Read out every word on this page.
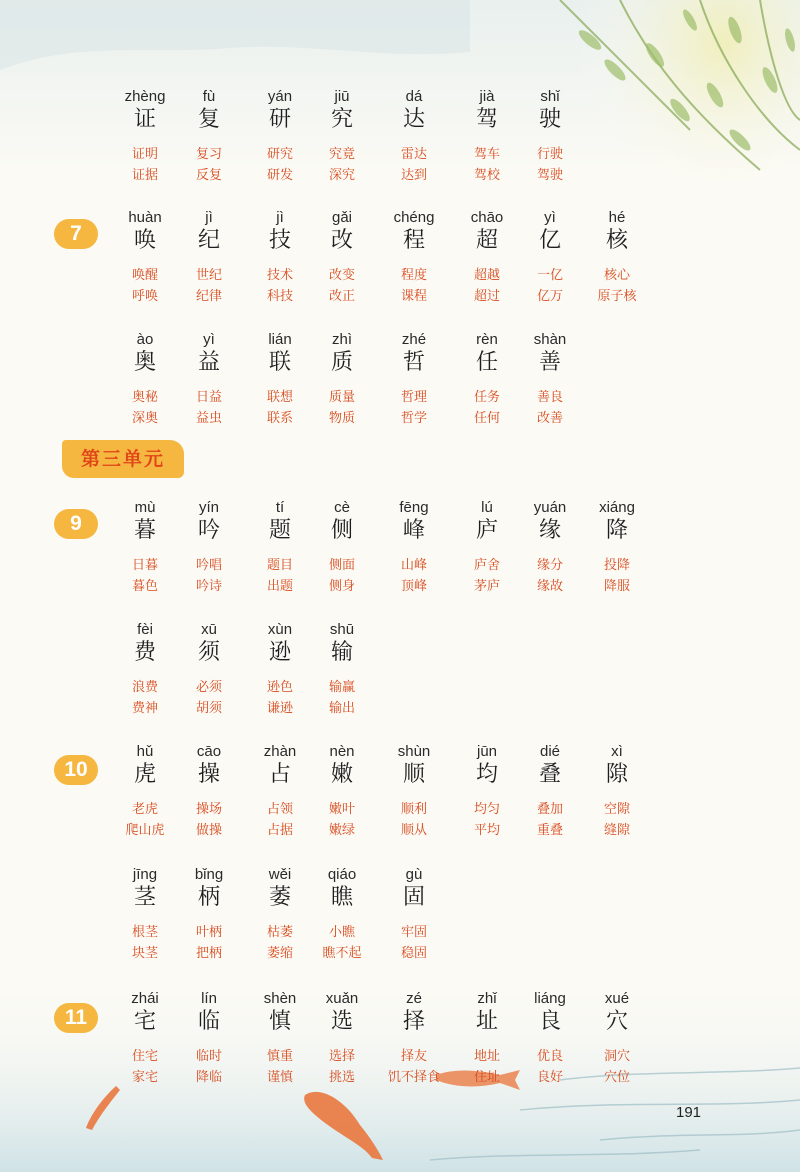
第三单元
zhèng
证
证明
证据
fù
复
复习
反复
yán
研
研究
研发
jiū
究
究竟
深究
dá
达
雷达
达到
jià
驾
驾车
驾校
shǐ
驶
行驶
驾驶
7
huàn
唤
唤醒
呼唤
jì
纪
世纪
纪律
jì
技
技术
科技
gǎi
改
改变
改正
chéng
程
程度
课程
chāo
超
超越
超过
yì
亿
一亿
亿万
hé
核
核心
原子核
ào
奥
奥秘
深奥
yì
益
日益
益虫
lián
联
联想
联系
zhì
质
质量
物质
zhé
哲
哲理
哲学
rèn
任
任务
任何
shàn
善
善良
改善
9
mù
暮
日暮
暮色
yín
吟
吟唱
吟诗
tí
题
题目
出题
cè
侧
侧面
侧身
fēng
峰
山峰
顶峰
lú
庐
庐舍
茅庐
yuán
缘
缘分
缘故
xiáng
降
投降
降服
fèi
费
浪费
费神
xū
须
必须
胡须
xùn
逊
逊色
谦逊
shū
输
输赢
输出
10
hǔ
虎
老虎
爬山虎
cāo
操
操场
做操
zhàn
占
占领
占据
nèn
嫩
嫩叶
嫩绿
shùn
顺
顺利
顺从
jūn
均
均匀
平均
dié
叠
叠加
重叠
xì
隙
空隙
缝隙
jīng
茎
根茎
块茎
bǐng
柄
叶柄
把柄
wěi
萎
枯萎
萎缩
qiáo
瞧
小瞧
瞧不起
gù
固
牢固
稳固
11
zhái
宅
住宅
家宅
lín
临
临时
降临
shèn
慎
慎重
谨慎
xuǎn
选
选择
挑选
zé
择
择友
饥不择食
zhǐ
址
地址
住址
liáng
良
优良
良好
xué
穴
洞穴
穴位
191
